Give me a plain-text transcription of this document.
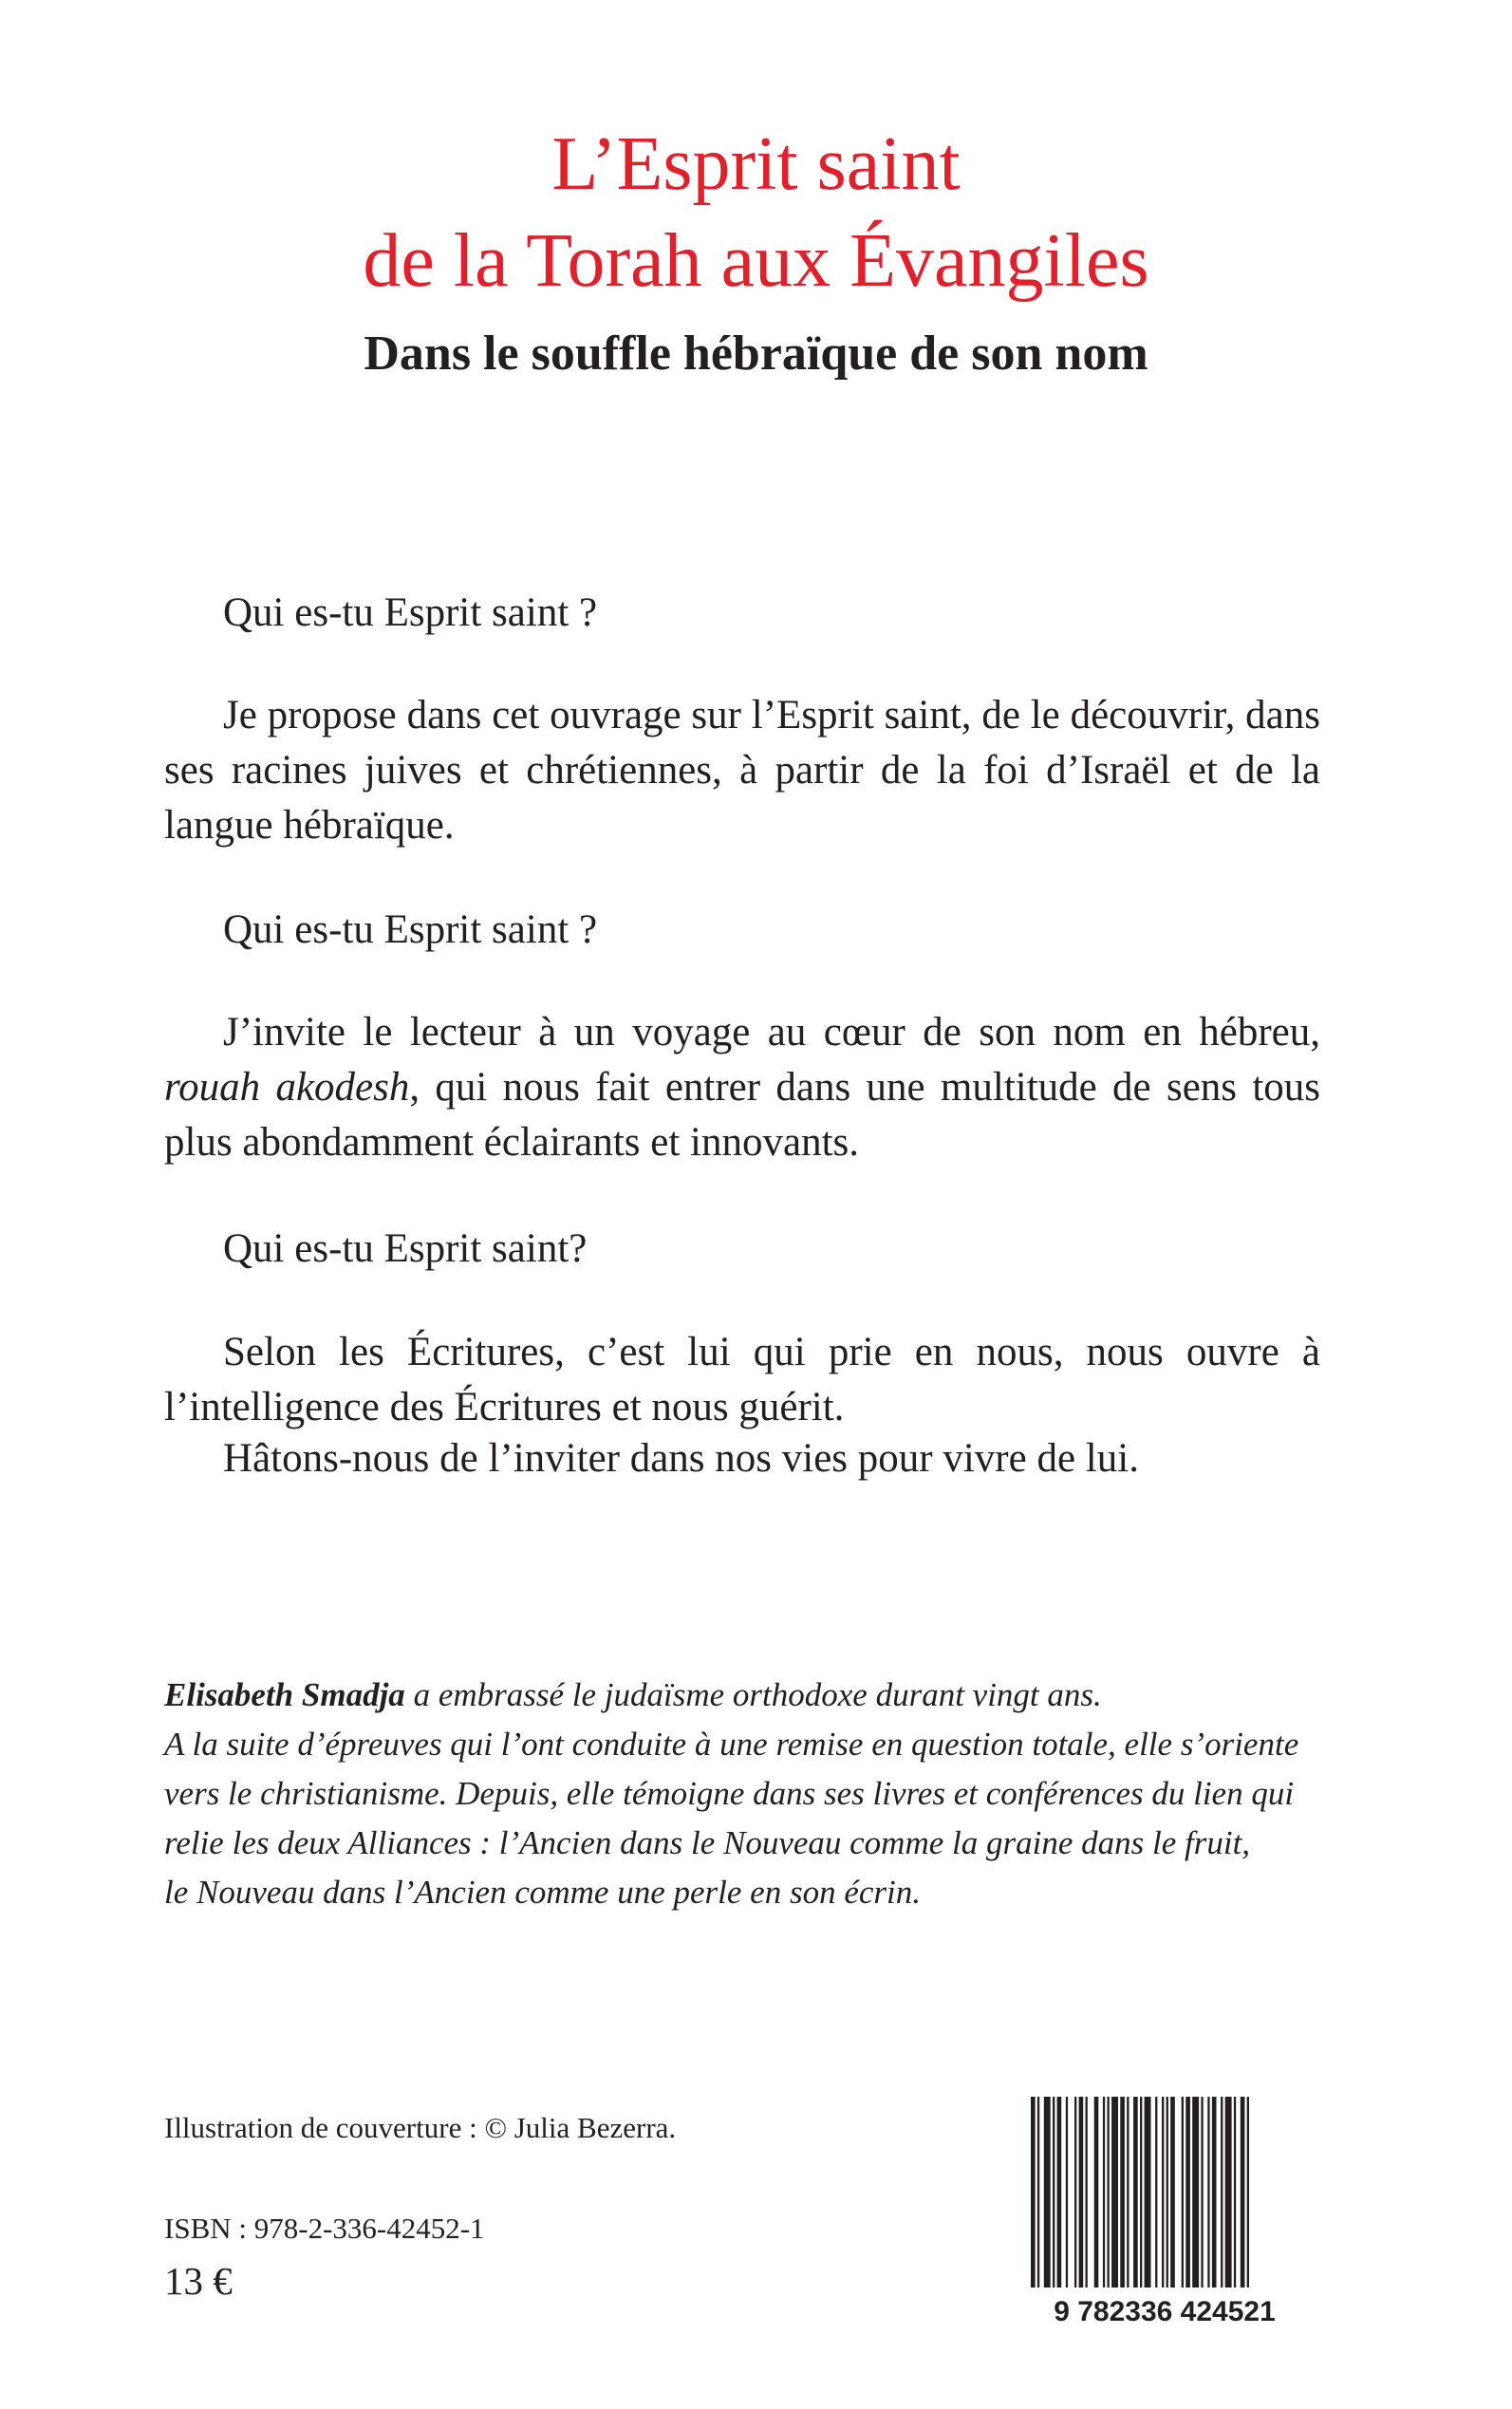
L’Esprit saint
de la Torah aux Évangiles
Dans le souffle hébraïque de son nom

Qui es-tu Esprit saint ?

Je propose dans cet ouvrage sur l’Esprit saint, de le découvrir, dans ses racines juives et chrétiennes, à partir de la foi d’Israël et de la langue hébraïque.

Qui es-tu Esprit saint ?

J’invite le lecteur à un voyage au cœur de son nom en hébreu, rouah akodesh, qui nous fait entrer dans une multitude de sens tous plus abondamment éclairants et innovants.

Qui es-tu Esprit saint?

Selon les Écritures, c’est lui qui prie en nous, nous ouvre à l’intelligence des Écritures et nous guérit.

Hâtons-nous de l’inviter dans nos vies pour vivre de lui.

Elisabeth Smadja a embrassé le judaïsme orthodoxe durant vingt ans.
A la suite d’épreuves qui l’ont conduite à une remise en question totale, elle s’oriente
vers le christianisme. Depuis, elle témoigne dans ses livres et conférences du lien qui
relie les deux Alliances : l’Ancien dans le Nouveau comme la graine dans le fruit,
le Nouveau dans l’Ancien comme une perle en son écrin.

Illustration de couverture : © Julia Bezerra.

ISBN : 978-2-336-42452-1

13 €

9 782336 424521
